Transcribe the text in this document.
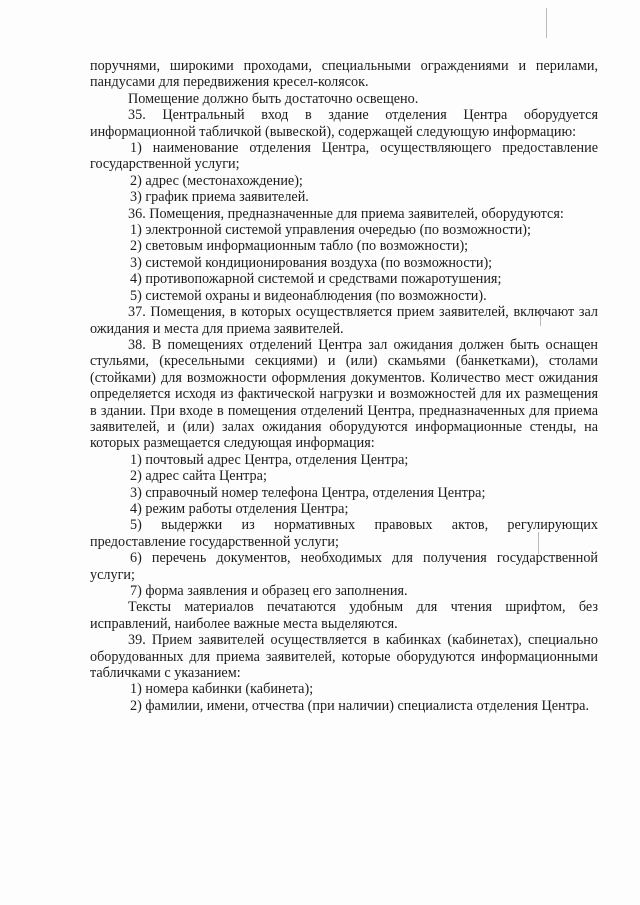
поручнями, широкими проходами, специальными ограждениями и перилами, пандусами для передвижения кресел-колясок.

Помещение должно быть достаточно освещено.

35. Центральный вход в здание отделения Центра оборудуется информационной табличкой (вывеской), содержащей следующую информацию:

1) наименование отделения Центра, осуществляющего предоставление государственной услуги;

2) адрес (местонахождение);

3) график приема заявителей.

36. Помещения, предназначенные для приема заявителей, оборудуются:

1) электронной системой управления очередью (по возможности);

2) световым информационным табло (по возможности);

3) системой кондиционирования воздуха (по возможности);

4) противопожарной системой и средствами пожаротушения;

5) системой охраны и видеонаблюдения (по возможности).

37. Помещения, в которых осуществляется прием заявителей, включают зал ожидания и места для приема заявителей.

38. В помещениях отделений Центра зал ожидания должен быть оснащен стульями, (кресельными секциями) и (или) скамьями (банкетками), столами (стойками) для возможности оформления документов. Количество мест ожидания определяется исходя из фактической нагрузки и возможностей для их размещения в здании. При входе в помещения отделений Центра, предназначенных для приема заявителей, и (или) залах ожидания оборудуются информационные стенды, на которых размещается следующая информация:

1) почтовый адрес Центра, отделения Центра;

2) адрес сайта Центра;

3) справочный номер телефона Центра, отделения Центра;

4) режим работы отделения Центра;

5) выдержки из нормативных правовых актов, регулирующих предоставление государственной услуги;

6) перечень документов, необходимых для получения государственной услуги;

7) форма заявления и образец его заполнения.

Тексты материалов печатаются удобным для чтения шрифтом, без исправлений, наиболее важные места выделяются.

39. Прием заявителей осуществляется в кабинках (кабинетах), специально оборудованных для приема заявителей, которые оборудуются информационными табличками с указанием:

1) номера кабинки (кабинета);

2) фамилии, имени, отчества (при наличии) специалиста отделения Центра.
